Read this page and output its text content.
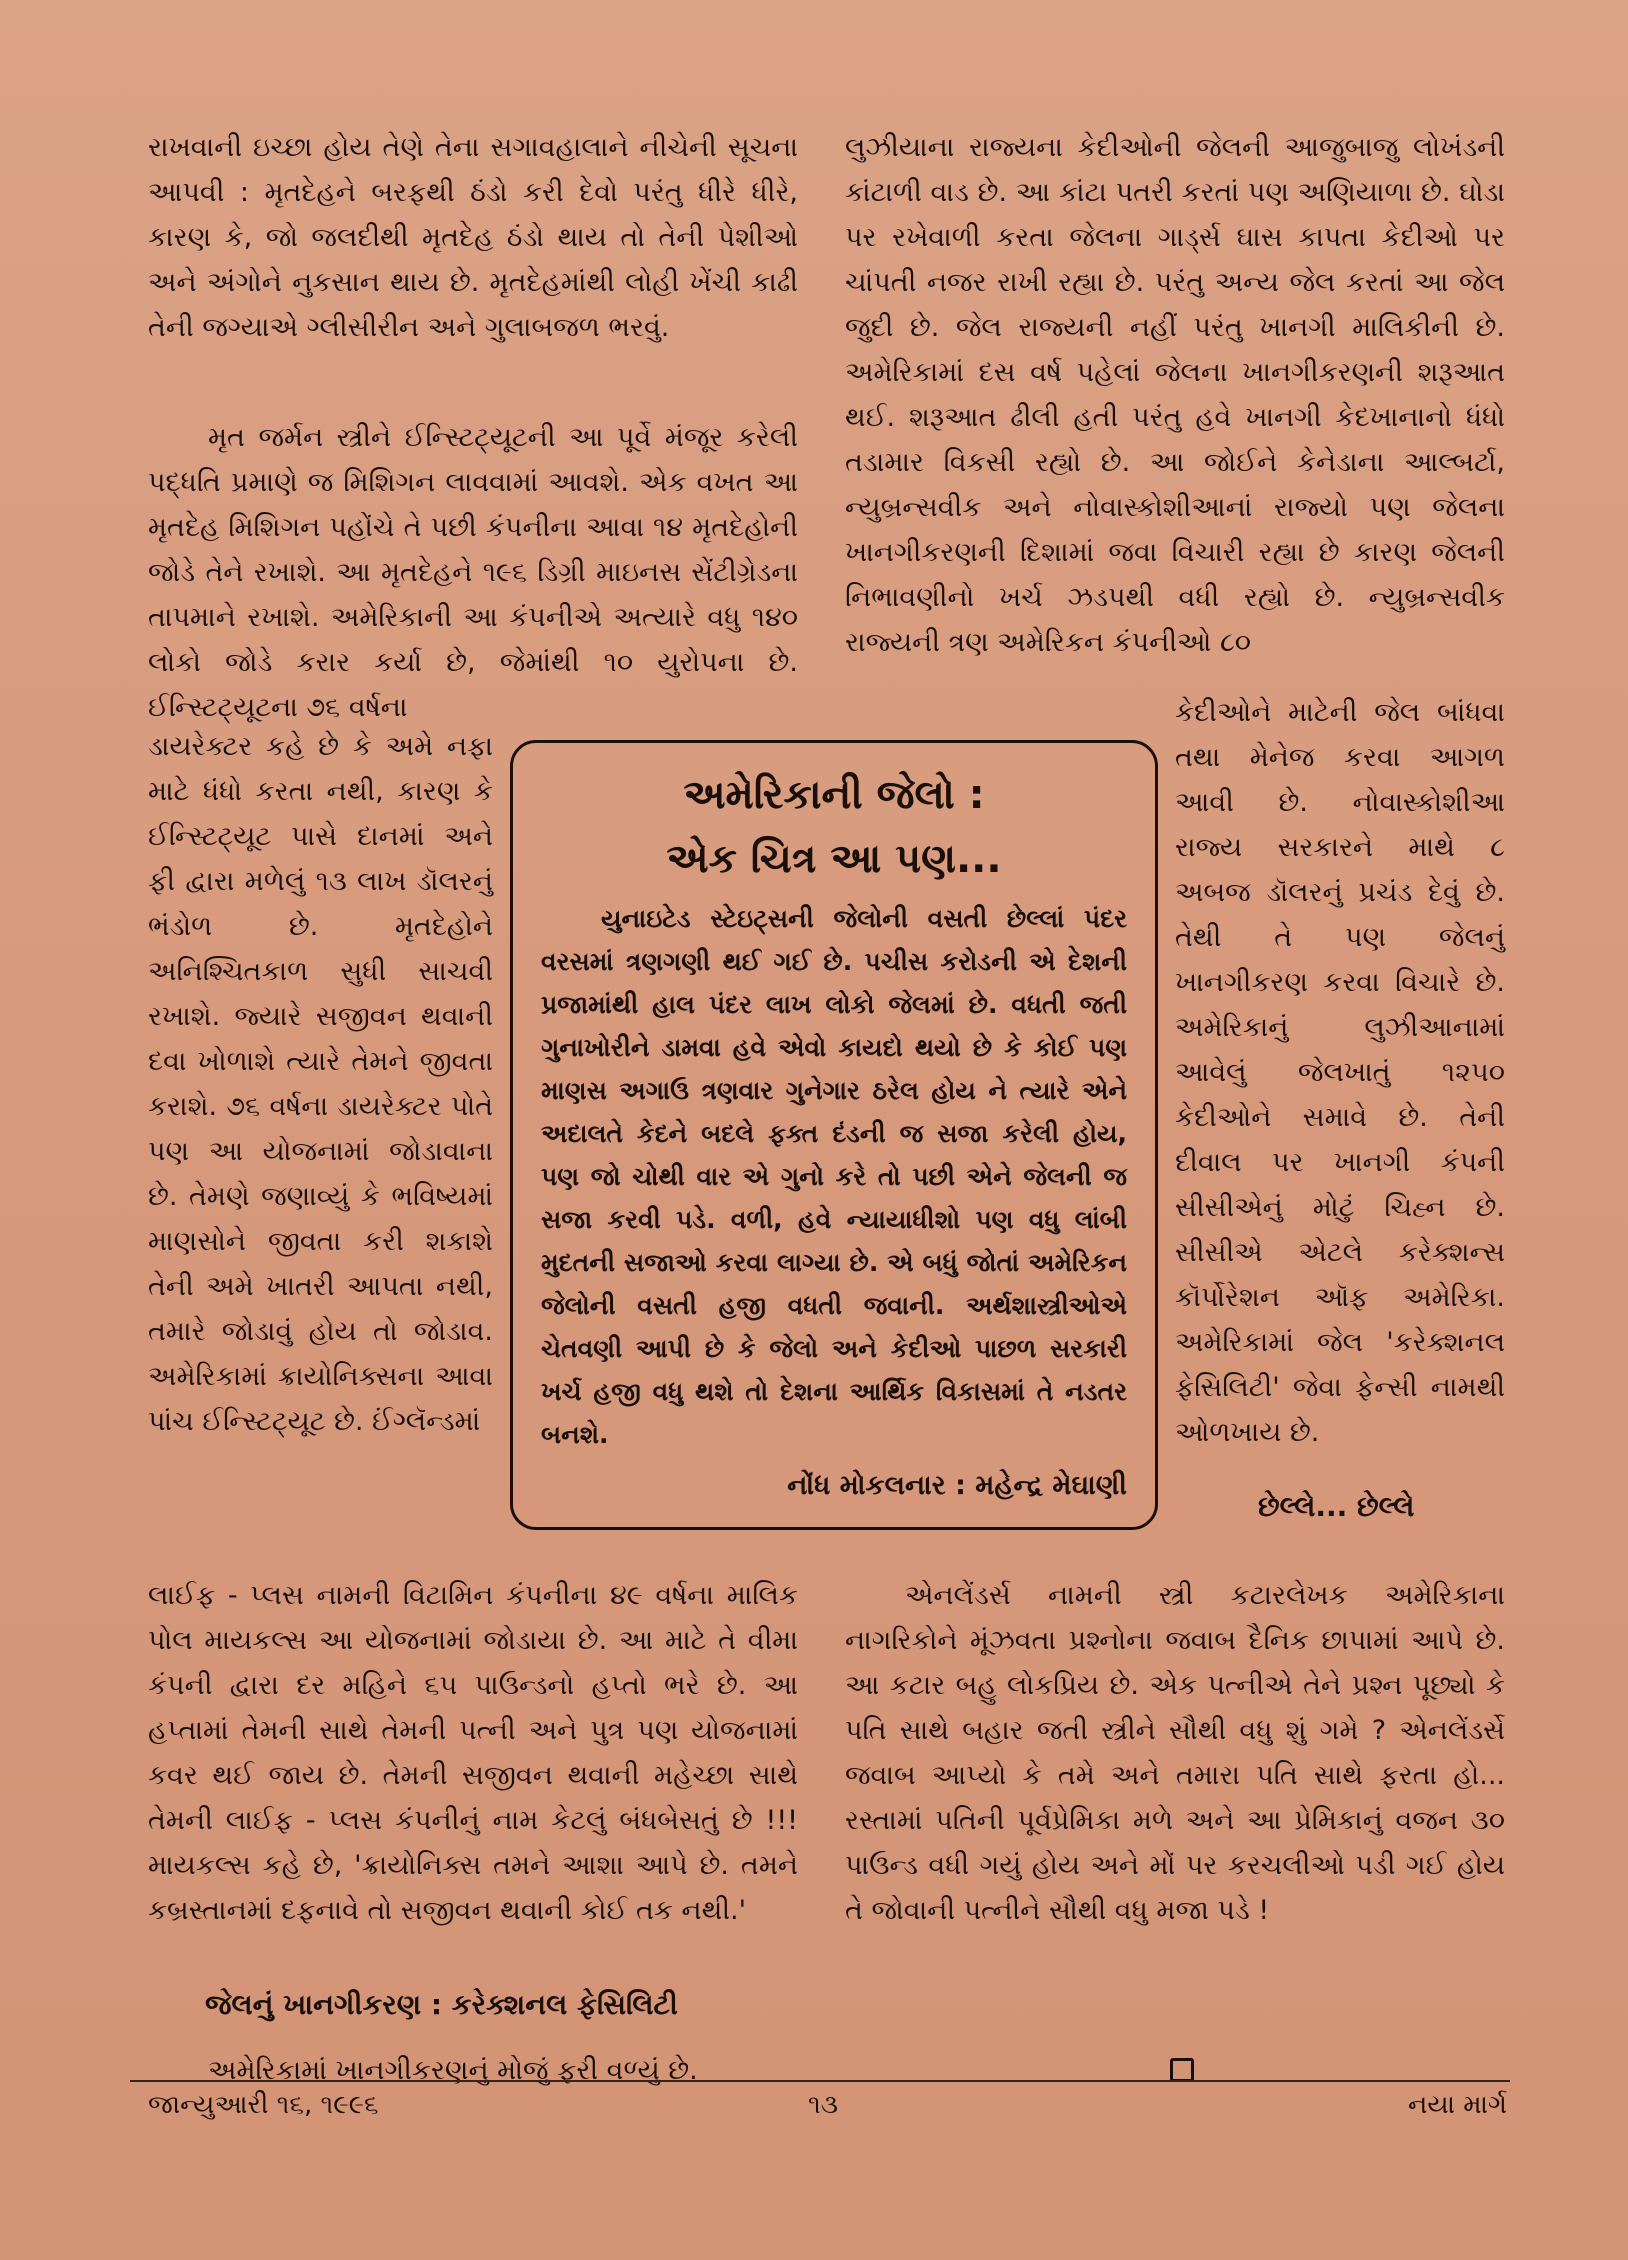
રાખવાની ઇચ્છા હોય તેણે તેના સગાવહાલાને નીચેની સૂચના આપવી : મૃતદેહને બરફથી ઠંડો કરી દેવો પરંતુ ધીરે ધીરે, કારણ કે, જો જલદીથી મૃતદેહ ઠંડો થાય તો તેની પેશીઓ અને અંગોને નુકસાન થાય છે. મૃતદેહમાંથી લોહી ખેંચી કાઢી તેની જગ્યાએ ગ્લીસીરીન અને ગુલાબજળ ભરવું.

મૃત જર્મન સ્ત્રીને ઈન્સ્ટિટ્યૂટની આ પૂર્વે મંજૂર કરેલી પદ્ધતિ પ્રમાણે જ મિશિગન લાવવામાં આવશે. એક વખત આ મૃતદેહ મિશિગન પહોંચે તે પછી કંપનીના આવા ૧૪ મૃતદેહોની જોડે તેને રખાશે. આ મૃતદેહને ૧૯૬ ડિગ્રી માઇનસ સેંટીગ્રેડના તાપમાને રખાશે. અમેરિકાની આ કંપનીએ અત્યારે વધુ ૧૪૦ લોકો જોડે કરાર કર્યા છે, જેમાંથી ૧૦ યુરોપના છે. ઈન્સ્ટિટ્યૂટના ૭૬ વર્ષના

ડાયરેક્ટર કહે છે કે અમે નફા માટે ધંધો કરતા નથી, કારણ કે ઈન્સ્ટિટ્યૂટ પાસે દાનમાં અને ફી દ્વારા મળેલું ૧૩ લાખ ડૉલરનું ભંડોળ છે. મૃતદેહોને અનિશ્ચિતકાળ સુધી સાચવી રખાશે. જ્યારે સજીવન થવાની દવા ખોળાશે ત્યારે તેમને જીવતા કરાશે. ૭૬ વર્ષના ડાયરેક્ટર પોતે પણ આ યોજનામાં જોડાવાના છે. તેમણે જણાવ્યું કે ભવિષ્યમાં માણસોને જીવતા કરી શકાશે તેની અમે ખાતરી આપતા નથી, તમારે જોડાવું હોય તો જોડાવ. અમેરિકામાં ક્રાયોનિક્સના આવા પાંચ ઈન્સ્ટિટ્યૂટ છે. ઈંગ્લૅન્ડમાં

અમેરિકાની જેલો :

એક ચિત્ર આ પણ...

યુનાઇટેડ સ્ટેઇટ્સની જેલોની વસતી છેલ્લાં પંદર વરસમાં ત્રણગણી થઈ ગઈ છે. પચીસ કરોડની એ દેશની પ્રજામાંથી હાલ પંદર લાખ લોકો જેલમાં છે. વધતી જતી ગુનાખોરીને ડામવા હવે એવો કાયદો થયો છે કે કોઈ પણ માણસ અગાઉ ત્રણવાર ગુનેગાર ઠરેલ હોય ને ત્યારે એને અદાલતે કેદને બદલે ફક્ત દંડની જ સજા કરેલી હોય, પણ જો ચોથી વાર એ ગુનો કરે તો પછી એને જેલની જ સજા કરવી પડે. વળી, હવે ન્યાયાધીશો પણ વધુ લાંબી મુદતની સજાઓ કરવા લાગ્યા છે. એ બધું જોતાં અમેરિકન જેલોની વસતી હજી વધતી જવાની. અર્થશાસ્ત્રીઓએ ચેતવણી આપી છે કે જેલો અને કેદીઓ પાછળ સરકારી ખર્ચ હજી વધુ થશે તો દેશના આર્થિક વિકાસમાં તે નડતર બનશે.

નોંધ મોકલનાર : મહેન્દ્ર મેઘાણી

લાઈફ - પ્લસ નામની વિટામિન કંપનીના ૪૯ વર્ષના માલિક પોલ માયકલ્સ આ યોજનામાં જોડાયા છે. આ માટે તે વીમા કંપની દ્વારા દર મહિને ૬૫ પાઉન્ડનો હપ્તો ભરે છે. આ હપ્તામાં તેમની સાથે તેમની પત્ની અને પુત્ર પણ યોજનામાં કવર થઈ જાય છે. તેમની સજીવન થવાની મહેચ્છા સાથે તેમની લાઈફ - પ્લસ કંપનીનું નામ કેટલું બંધબેસતું છે !!! માયકલ્સ કહે છે, 'ક્રાયોનિક્સ તમને આશા આપે છે. તમને કબ્રસ્તાનમાં દફનાવે તો સજીવન થવાની કોઈ તક નથી.'

જેલનું ખાનગીકરણ : કરેક્શનલ ફેસિલિટી

અમેરિકામાં ખાનગીકરણનું મોજું ફરી વળ્યું છે.

લુઝીયાના રાજ્યના કેદીઓની જેલની આજુબાજુ લોખંડની કાંટાળી વાડ છે. આ કાંટા પતરી કરતાં પણ અણિયાળા છે. ઘોડા પર રખેવાળી કરતા જેલના ગાર્ડ્સ ઘાસ કાપતા કેદીઓ પર ચાંપતી નજર રાખી રહ્યા છે. પરંતુ અન્ય જેલ કરતાં આ જેલ જુદી છે. જેલ રાજ્યની નહીં પરંતુ ખાનગી માલિકીની છે. અમેરિકામાં દસ વર્ષ પહેલાં જેલના ખાનગીકરણની શરૂઆત થઈ. શરૂઆત ઢીલી હતી પરંતુ હવે ખાનગી કેદખાનાનો ધંધો તડામાર વિકસી રહ્યો છે. આ જોઈને કેનેડાના આલ્બર્ટા, ન્યુબ્રન્સવીક અને નોવાસ્કોશીઆનાં રાજ્યો પણ જેલના ખાનગીકરણની દિશામાં જવા વિચારી રહ્યા છે કારણ જેલની નિભાવણીનો ખર્ચ ઝડપથી વધી રહ્યો છે. ન્યુબ્રન્સવીક રાજ્યની ત્રણ અમેરિકન કંપનીઓ ૮૦

કેદીઓને માટેની જેલ બાંધવા તથા મેનેજ કરવા આગળ આવી છે. નોવાસ્કોશીઆ રાજ્ય સરકારને માથે ૮ અબજ ડૉલરનું પ્રચંડ દેવું છે. તેથી તે પણ જેલનું ખાનગીકરણ કરવા વિચારે છે. અમેરિકાનું લુઝીઆનામાં આવેલું જેલખાતું ૧૨૫૦ કેદીઓને સમાવે છે. તેની દીવાલ પર ખાનગી કંપની સીસીએનું મોટું ચિહ્ન છે. સીસીએ એટલે કરેક્શન્સ કૉર્પોરેશન ઑફ અમેરિકા. અમેરિકામાં જેલ 'કરેક્શનલ ફેસિલિટી' જેવા ફેન્સી નામથી ઓળખાય છે.

છેલ્લે... છેલ્લે

એનલેંડર્સ નામની સ્ત્રી કટારલેખક અમેરિકાના નાગરિકોને મૂંઝવતા પ્રશ્નોના જવાબ દૈનિક છાપામાં આપે છે. આ કટાર બહુ લોકપ્રિય છે. એક પત્નીએ તેને પ્રશ્ન પૂછ્યો કે પતિ સાથે બહાર જતી સ્ત્રીને સૌથી વધુ શું ગમે ? એનલેંડર્સે જવાબ આપ્યો કે તમે અને તમારા પતિ સાથે ફરતા હો... રસ્તામાં પતિની પૂર્વપ્રેમિકા મળે અને આ પ્રેમિકાનું વજન ૩૦ પાઉન્ડ વધી ગયું હોય અને મોં પર કરચલીઓ પડી ગઈ હોય તે જોવાની પત્નીને સૌથી વધુ મજા પડે !

જાન્યુઆરી ૧૬, ૧૯૯૬	૧૩	નયા માર્ગ
